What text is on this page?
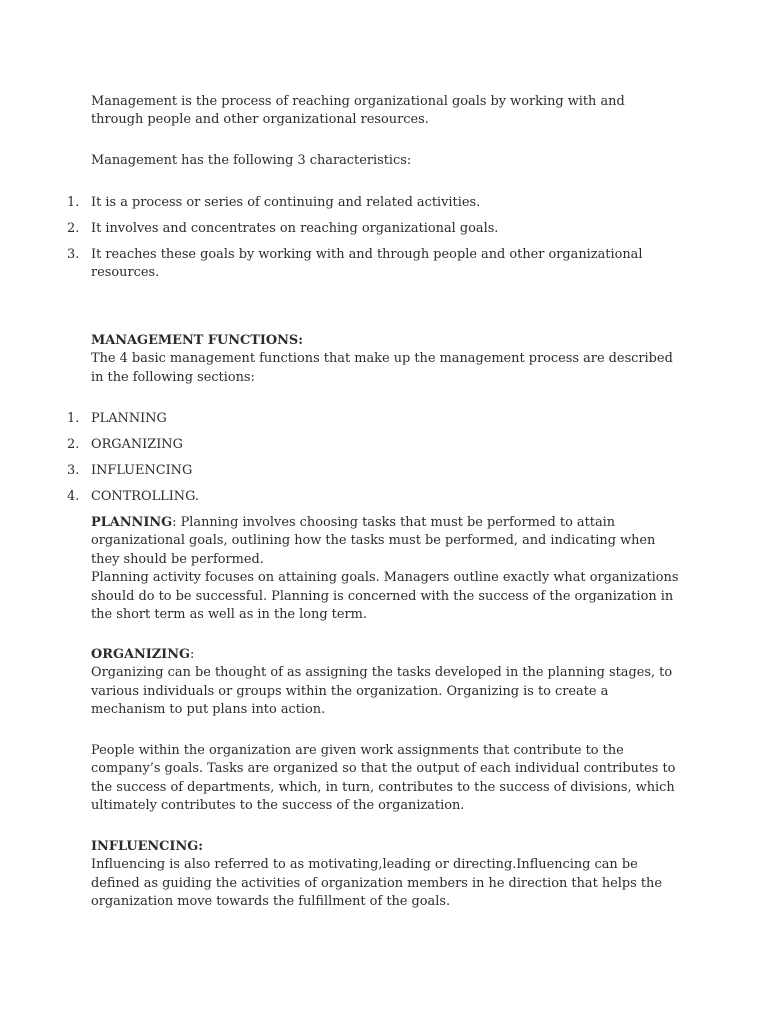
Management is the process of reaching organizational goals by working with and through people and other organizational resources.

Management has the following 3 characteristics:

1. It is a process or series of continuing and related activities.
2. It involves and concentrates on reaching organizational goals.
3. It reaches these goals by working with and through people and other organizational resources.
MANAGEMENT FUNCTIONS:
The 4 basic management functions that make up the management process are described in the following sections:
1. PLANNING
2. ORGANIZING
3. INFLUENCING
4. CONTROLLING.
PLANNING: Planning involves choosing tasks that must be performed to attain organizational goals, outlining how the tasks must be performed, and indicating when they should be performed.
Planning activity focuses on attaining goals. Managers outline exactly what organizations should do to be successful. Planning is concerned with the success of the organization in the short term as well as in the long term.
ORGANIZING:
Organizing can be thought of as assigning the tasks developed in the planning stages, to various individuals or groups within the organization. Organizing is to create a mechanism to put plans into action.

People within the organization are given work assignments that contribute to the company’s goals. Tasks are organized so that the output of each individual contributes to the success of departments, which, in turn, contributes to the success of divisions, which ultimately contributes to the success of the organization.

INFLUENCING:
Influencing is also referred to as motivating,leading or directing.Influencing can be defined as guiding the activities of organization members in he direction that helps the organization move towards the fulfillment of the goals.
